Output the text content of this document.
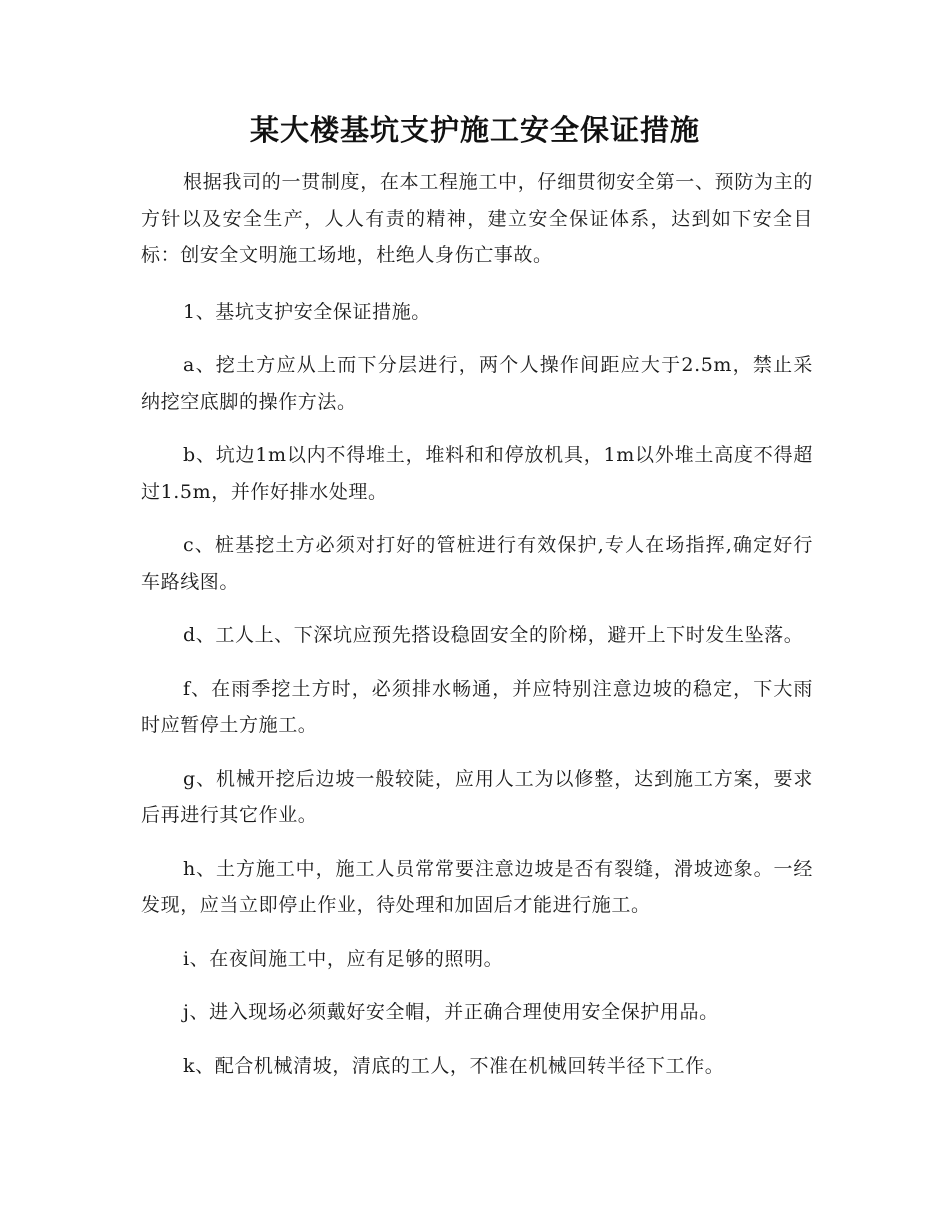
某大楼基坑支护施工安全保证措施

根据我司的一贯制度，在本工程施工中，仔细贯彻安全第一、预防为主的方针以及安全生产，人人有责的精神，建立安全保证体系，达到如下安全目标：创安全文明施工场地，杜绝人身伤亡事故。

1、基坑支护安全保证措施。

a、挖土方应从上而下分层进行，两个人操作间距应大于2.5m，禁止采纳挖空底脚的操作方法。

b、坑边1m以内不得堆土，堆料和和停放机具，1m以外堆土高度不得超过1.5m，并作好排水处理。

c、桩基挖土方必须对打好的管桩进行有效保护,专人在场指挥,确定好行车路线图。

d、工人上、下深坑应预先搭设稳固安全的阶梯，避开上下时发生坠落。

f、在雨季挖土方时，必须排水畅通，并应特别注意边坡的稳定，下大雨时应暂停土方施工。

g、机械开挖后边坡一般较陡，应用人工为以修整，达到施工方案，要求后再进行其它作业。

h、土方施工中，施工人员常常要注意边坡是否有裂缝，滑坡迹象。一经发现，应当立即停止作业，待处理和加固后才能进行施工。

i、在夜间施工中，应有足够的照明。

j、进入现场必须戴好安全帽，并正确合理使用安全保护用品。

k、配合机械清坡，清底的工人，不准在机械回转半径下工作。
